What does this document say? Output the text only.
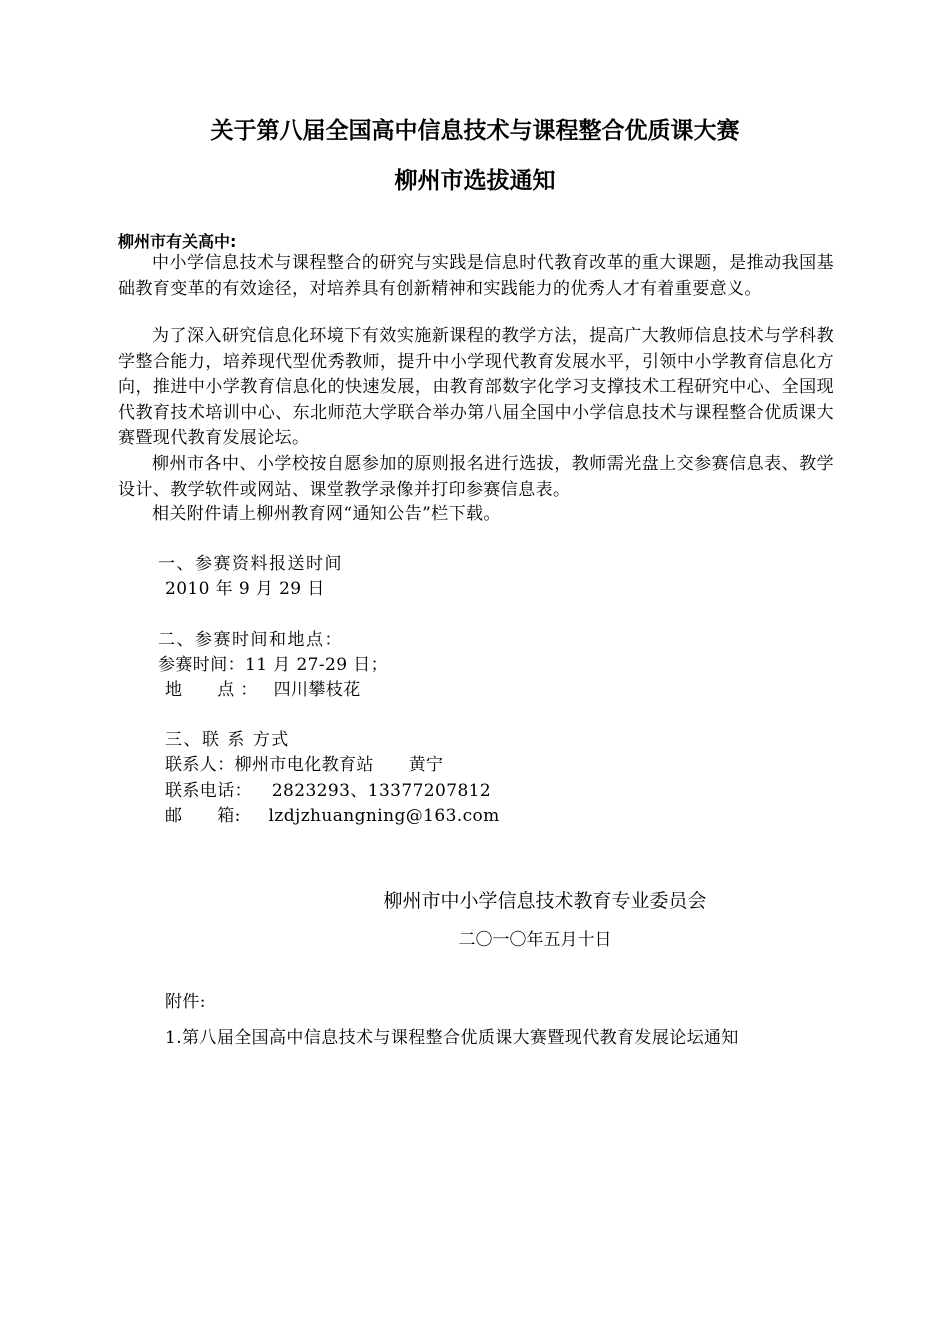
关于第八届全国高中信息技术与课程整合优质课大赛
柳州市选拔通知
柳州市有关高中:
中小学信息技术与课程整合的研究与实践是信息时代教育改革的重大课题，是推动我国基础教育变革的有效途径，对培养具有创新精神和实践能力的优秀人才有着重要意义。
为了深入研究信息化环境下有效实施新课程的教学方法，提高广大教师信息技术与学科教学整合能力，培养现代型优秀教师，提升中小学现代教育发展水平，引领中小学教育信息化方向，推进中小学教育信息化的快速发展，由教育部数字化学习支撑技术工程研究中心、全国现代教育技术培训中心、东北师范大学联合举办第八届全国中小学信息技术与课程整合优质课大赛暨现代教育发展论坛。
柳州市各中、小学校按自愿参加的原则报名进行选拔，教师需光盘上交参赛信息表、教学设计、教学软件或网站、课堂教学录像并打印参赛信息表。
相关附件请上柳州教育网“通知公告”栏下载。
一、参赛资料报送时间
2010 年 9 月 29 日
二、参赛时间和地点：
参赛时间：11 月 27-29 日；
地　　点 ： 四川攀枝花
三、联 系 方式
联系人：柳州市电化教育站　　黄宁
联系电话： 2823293、13377207812
邮　　箱: lzdjzhuangning@163.com
柳州市中小学信息技术教育专业委员会
二〇一〇年五月十日
附件:
1.第八届全国高中信息技术与课程整合优质课大赛暨现代教育发展论坛通知
